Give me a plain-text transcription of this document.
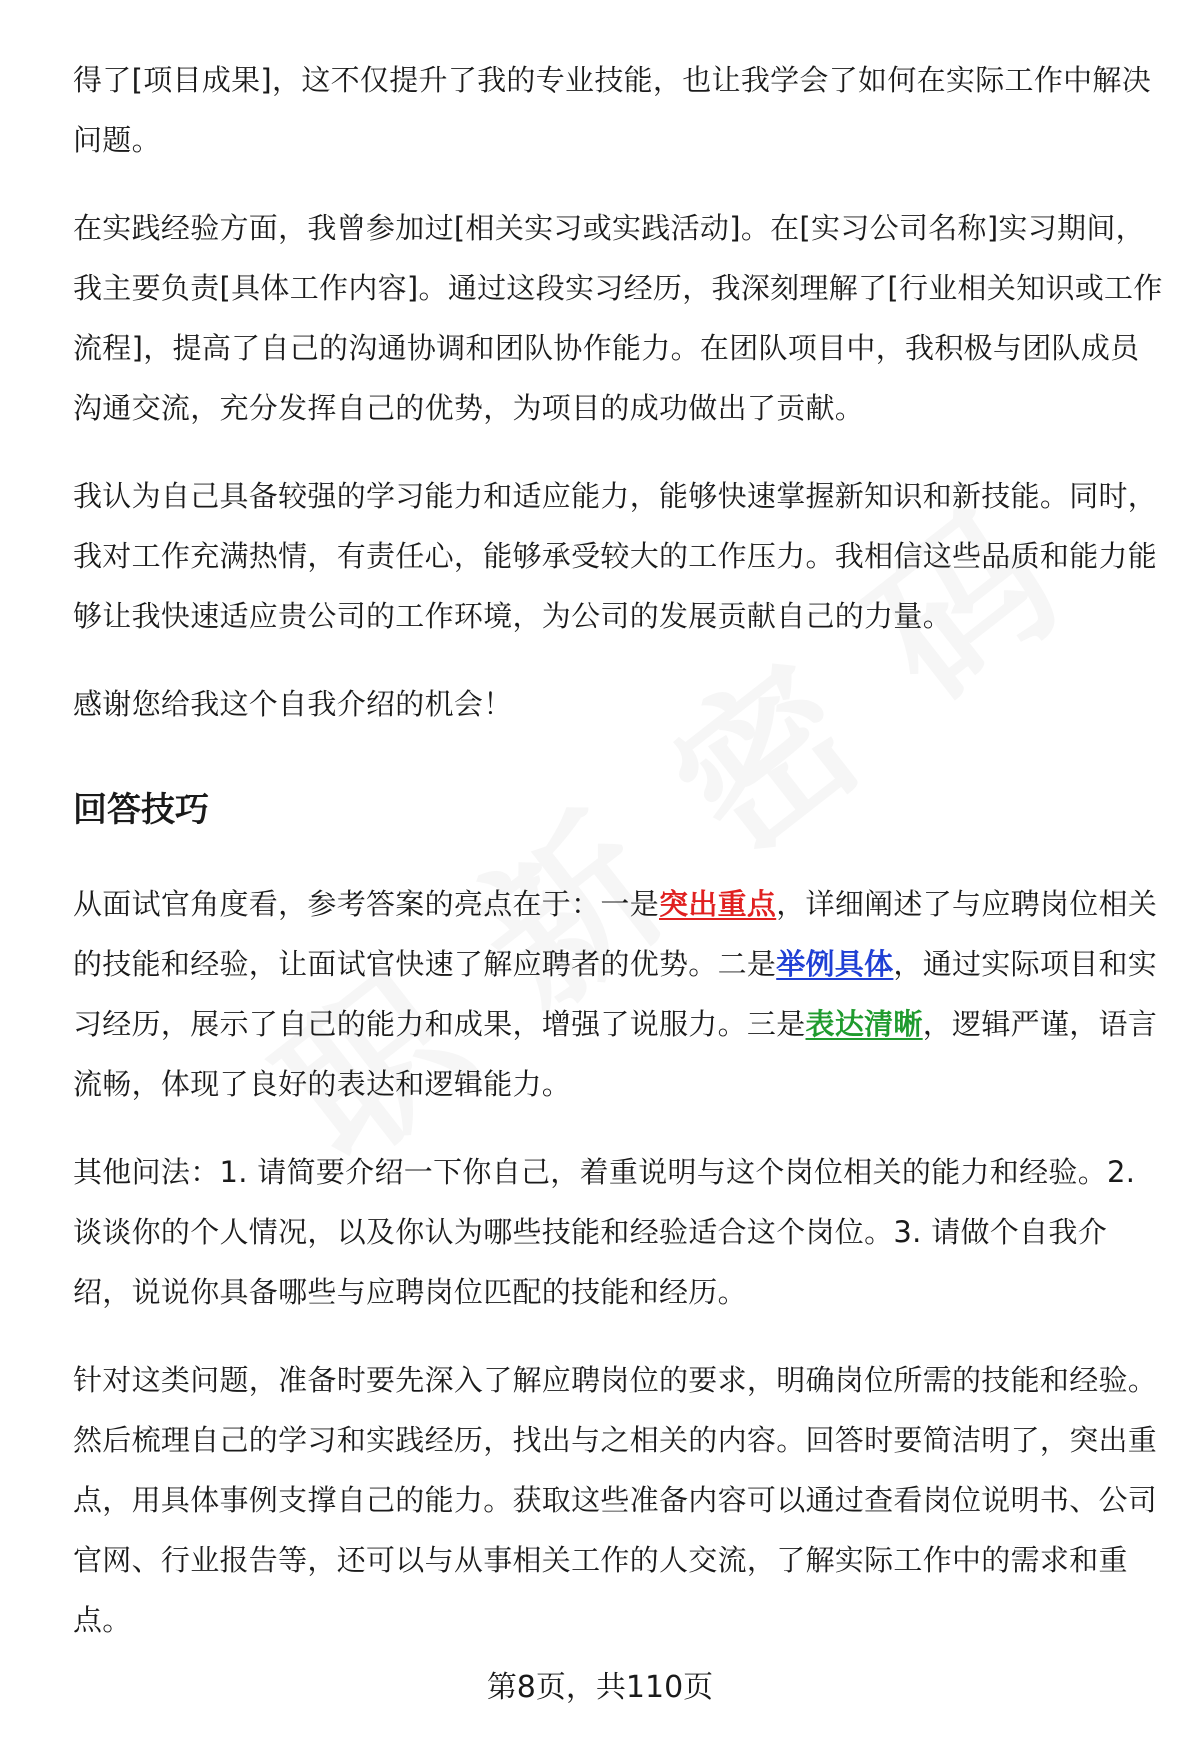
得了[项目成果]，这不仅提升了我的专业技能，也让我学会了如何在实际工作中解决问题。

在实践经验方面，我曾参加过[相关实习或实践活动]。在[实习公司名称]实习期间，我主要负责[具体工作内容]。通过这段实习经历，我深刻理解了[行业相关知识或工作流程]，提高了自己的沟通协调和团队协作能力。在团队项目中，我积极与团队成员沟通交流，充分发挥自己的优势，为项目的成功做出了贡献。

我认为自己具备较强的学习能力和适应能力，能够快速掌握新知识和新技能。同时，我对工作充满热情，有责任心，能够承受较大的工作压力。我相信这些品质和能力能够让我快速适应贵公司的工作环境，为公司的发展贡献自己的力量。

感谢您给我这个自我介绍的机会！

回答技巧

从面试官角度看，参考答案的亮点在于：一是突出重点，详细阐述了与应聘岗位相关的技能和经验，让面试官快速了解应聘者的优势。二是举例具体，通过实际项目和实习经历，展示了自己的能力和成果，增强了说服力。三是表达清晰，逻辑严谨，语言流畅，体现了良好的表达和逻辑能力。

其他问法：1. 请简要介绍一下你自己，着重说明与这个岗位相关的能力和经验。2. 谈谈你的个人情况，以及你认为哪些技能和经验适合这个岗位。3. 请做个自我介绍，说说你具备哪些与应聘岗位匹配的技能和经历。

针对这类问题，准备时要先深入了解应聘岗位的要求，明确岗位所需的技能和经验。然后梳理自己的学习和实践经历，找出与之相关的内容。回答时要简洁明了，突出重点，用具体事例支撑自己的能力。获取这些准备内容可以通过查看岗位说明书、公司官网、行业报告等，还可以与从事相关工作的人交流，了解实际工作中的需求和重点。

第8页，共110页
